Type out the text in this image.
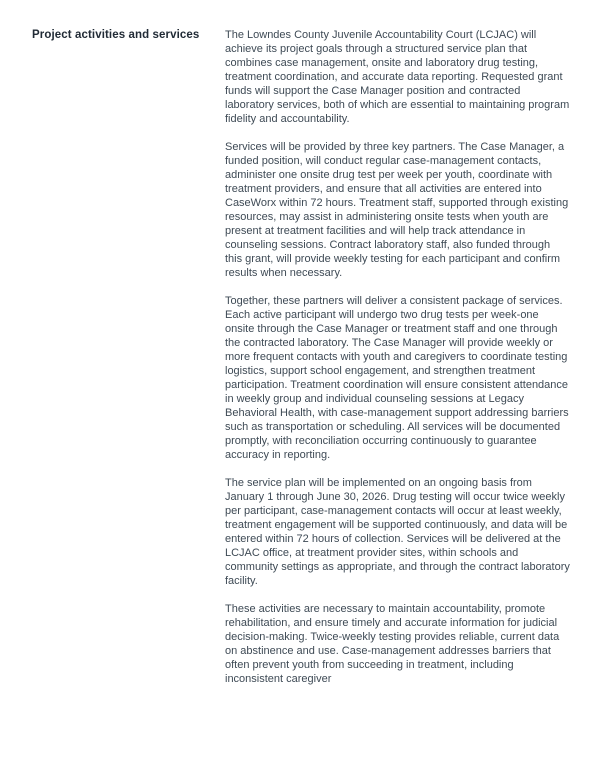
Project activities and services	The Lowndes County Juvenile Accountability Court (LCJAC) will achieve its project goals through a structured service plan that combines case management, onsite and laboratory drug testing, treatment coordination, and accurate data reporting. Requested grant funds will support the Case Manager position and contracted laboratory services, both of which are essential to maintaining program fidelity and accountability.

Services will be provided by three key partners. The Case Manager, a funded position, will conduct regular case-management contacts, administer one onsite drug test per week per youth, coordinate with treatment providers, and ensure that all activities are entered into CaseWorx within 72 hours. Treatment staff, supported through existing resources, may assist in administering onsite tests when youth are present at treatment facilities and will help track attendance in counseling sessions. Contract laboratory staff, also funded through this grant, will provide weekly testing for each participant and confirm results when necessary.

Together, these partners will deliver a consistent package of services. Each active participant will undergo two drug tests per week-one onsite through the Case Manager or treatment staff and one through the contracted laboratory. The Case Manager will provide weekly or more frequent contacts with youth and caregivers to coordinate testing logistics, support school engagement, and strengthen treatment participation. Treatment coordination will ensure consistent attendance in weekly group and individual counseling sessions at Legacy Behavioral Health, with case-management support addressing barriers such as transportation or scheduling. All services will be documented promptly, with reconciliation occurring continuously to guarantee accuracy in reporting.

The service plan will be implemented on an ongoing basis from January 1 through June 30, 2026. Drug testing will occur twice weekly per participant, case-management contacts will occur at least weekly, treatment engagement will be supported continuously, and data will be entered within 72 hours of collection. Services will be delivered at the LCJAC office, at treatment provider sites, within schools and community settings as appropriate, and through the contract laboratory facility.

These activities are necessary to maintain accountability, promote rehabilitation, and ensure timely and accurate information for judicial decision-making. Twice-weekly testing provides reliable, current data on abstinence and use. Case-management addresses barriers that often prevent youth from succeeding in treatment, including inconsistent caregiver
